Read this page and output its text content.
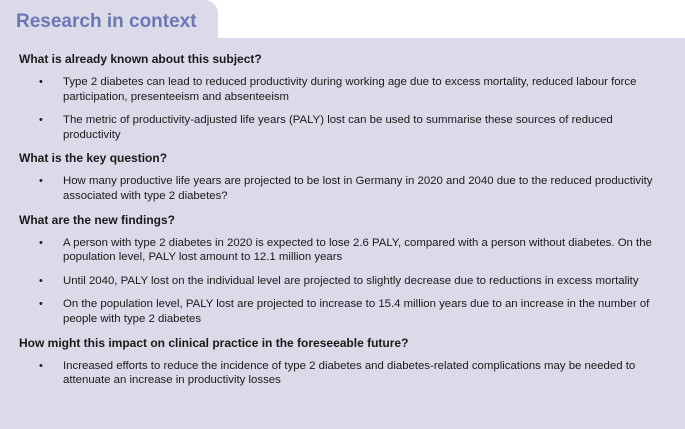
Research in context
What is already known about this subject?
• Type 2 diabetes can lead to reduced productivity during working age due to excess mortality, reduced labour force participation, presenteeism and absenteeism
• The metric of productivity-adjusted life years (PALY) lost can be used to summarise these sources of reduced productivity
What is the key question?
• How many productive life years are projected to be lost in Germany in 2020 and 2040 due to the reduced productivity associated with type 2 diabetes?
What are the new findings?
• A person with type 2 diabetes in 2020 is expected to lose 2.6 PALY, compared with a person without diabetes. On the population level, PALY lost amount to 12.1 million years
• Until 2040, PALY lost on the individual level are projected to slightly decrease due to reductions in excess mortality
• On the population level, PALY lost are projected to increase to 15.4 million years due to an increase in the number of people with type 2 diabetes
How might this impact on clinical practice in the foreseeable future?
• Increased efforts to reduce the incidence of type 2 diabetes and diabetes-related complications may be needed to attenuate an increase in productivity losses
